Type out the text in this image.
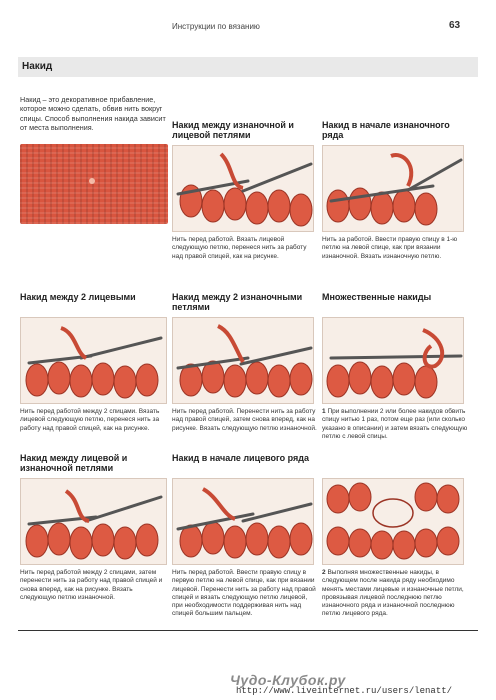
Инструкции по вязанию	63
Накид
Накид – это декоративное прибавление, которое можно сделать, обвив нить вокруг спицы. Способ выполнения накида зависит от места выполнения.	Накид между изнаночной и лицевой петлями
Нить перед работой. Вязать лицевой следующую петлю, перенеся нить за работу над правой спицей, как на рисунке.
Накид в начале изнаночного ряда
Нить за работой. Ввести правую спицу в 1-ю петлю на левой спице, как при вязании изнаночной. Вязать изнаночную петлю.
Накид между 2 лицевыми
Нить перед работой между 2 спицами. Вязать лицевой следующую петлю, перенеся нить за работу над правой спицей, как на рисунке.
Накид между 2 изнаночными петлями
Нить перед работой. Перенести нить за работу над правой спицей, затем снова вперед, как на рисунке. Вязать следующую петлю изнаночной.
Множественные накиды
1 При выполнении 2 или более накидов обвить спицу нитью 1 раз, потом еще раз (или сколько указано в описании) и затем вязать следующую петлю с левой спицы.
Накид между лицевой и изнаночной петлями
Нить перед работой между 2 спицами, затем перенести нить за работу над правой спицей и снова вперед, как на рисунке. Вязать следующую петлю изнаночной.
Накид в начале лицевого ряда
Нить перед работой. Ввести правую спицу в первую петлю на левой спице, как при вязании лицевой. Перенести нить за работу над правой спицей и вязать следующую петлю лицевой, при необходимости поддерживая нить над спицей большим пальцем.
2 Выполняя множественные накиды, в следующем после накида ряду необходимо менять местами лицевые и изнаночные петли, провязывая лицевой последнюю петлю изнаночного ряда и изнаночной последнюю петлю лицевого ряда.
Чудо-Клубок.ру
http://www.liveinternet.ru/users/lenatt/
